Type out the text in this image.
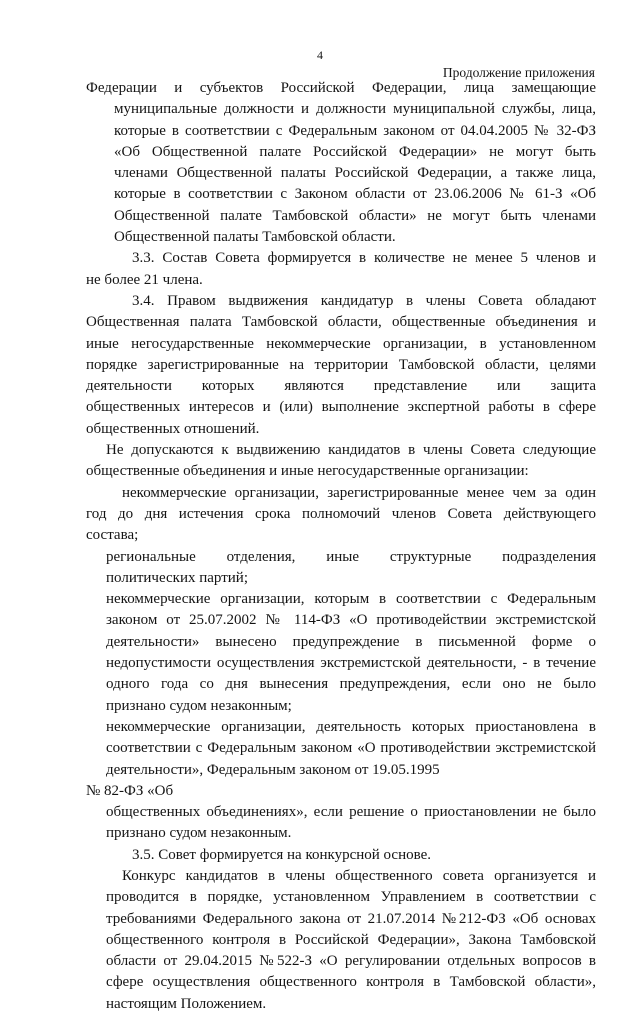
4
Продолжение приложения
Федерации и субъектов Российской Федерации, лица замещающие
муниципальные должности и должности муниципальной службы, лица,
которые в соответствии с Федеральным законом от 04.04.2005 № 32-ФЗ
«Об Общественной палате Российской Федерации» не могут быть
членами Общественной палаты Российской Федерации, а также лица,
которые в соответствии с Законом области от 23.06.2006 № 61-З «Об
Общественной палате Тамбовской области» не могут быть членами
Общественной палаты Тамбовской области.
3.3. Состав Совета формируется в количестве не менее 5 членов и
не более 21 члена.
3.4. Правом выдвижения кандидатур в члены Совета обладают
Общественная палата Тамбовской области, общественные объединения и
иные негосударственные некоммерческие организации, в установленном
порядке зарегистрированные на территории Тамбовской области, целями
деятельности которых являются представление или защита
общественных интересов и (или) выполнение экспертной работы в сфере
общественных отношений.
Не допускаются к выдвижению кандидатов в члены Совета следующие
общественные объединения и иные негосударственные организации:
некоммерческие организации, зарегистрированные менее чем за один
год до дня истечения срока полномочий членов Совета действующего
состава;
региональные отделения, иные структурные подразделения
политических партий;
некоммерческие организации, которым в соответствии с Федеральным
законом от 25.07.2002 № 114-ФЗ «О противодействии экстремистской
деятельности» вынесено предупреждение в письменной форме о
недопустимости осуществления экстремистской деятельности, - в течение
одного года со дня вынесения предупреждения, если оно не было
признано судом незаконным;
некоммерческие организации, деятельность которых приостановлена в
соответствии с Федеральным законом «О противодействии экстремистской
деятельности», Федеральным законом от 19.05.1995
№ 82-ФЗ «Об
общественных объединениях», если решение о приостановлении не было
признано судом незаконным.
3.5. Совет формируется на конкурсной основе.
Конкурс кандидатов в члены общественного совета организуется и
проводится в порядке, установленном Управлением в соответствии с
требованиями Федерального закона от 21.07.2014 №212-ФЗ «Об основах
общественного контроля в Российской Федерации», Закона Тамбовской
области от 29.04.2015 №522-З «О регулировании отдельных вопросов в
сфере осуществления общественного контроля в Тамбовской области»,
настоящим Положением.
